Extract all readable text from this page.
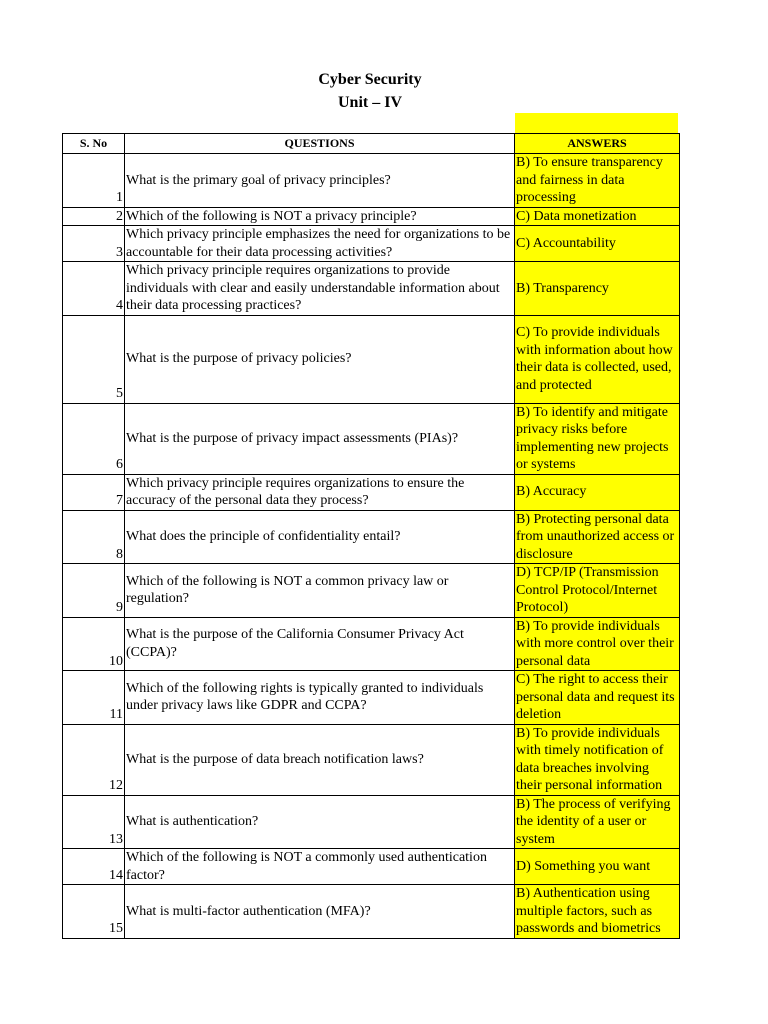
Cyber Security
Unit – IV
S. No	QUESTIONS	ANSWERS
1	What is the primary goal of privacy principles?	B) To ensure transparency and fairness in data processing
2	Which of the following is NOT a privacy principle?	C) Data monetization
3	Which privacy principle emphasizes the need for organizations to be accountable for their data processing activities?	C) Accountability
4	Which privacy principle requires organizations to provide individuals with clear and easily understandable information about their data processing practices?	B) Transparency
5	What is the purpose of privacy policies?	C) To provide individuals with information about how their data is collected, used, and protected
6	What is the purpose of privacy impact assessments (PIAs)?	B) To identify and mitigate privacy risks before implementing new projects or systems
7	Which privacy principle requires organizations to ensure the accuracy of the personal data they process?	B) Accuracy
8	What does the principle of confidentiality entail?	B) Protecting personal data from unauthorized access or disclosure
9	Which of the following is NOT a common privacy law or regulation?	D) TCP/IP (Transmission Control Protocol/Internet Protocol)
10	What is the purpose of the California Consumer Privacy Act (CCPA)?	B) To provide individuals with more control over their personal data
11	Which of the following rights is typically granted to individuals under privacy laws like GDPR and CCPA?	C) The right to access their personal data and request its deletion
12	What is the purpose of data breach notification laws?	B) To provide individuals with timely notification of data breaches involving their personal information
13	What is authentication?	B) The process of verifying the identity of a user or system
14	Which of the following is NOT a commonly used authentication factor?	D) Something you want
15	What is multi-factor authentication (MFA)?	B) Authentication using multiple factors, such as passwords and biometrics
